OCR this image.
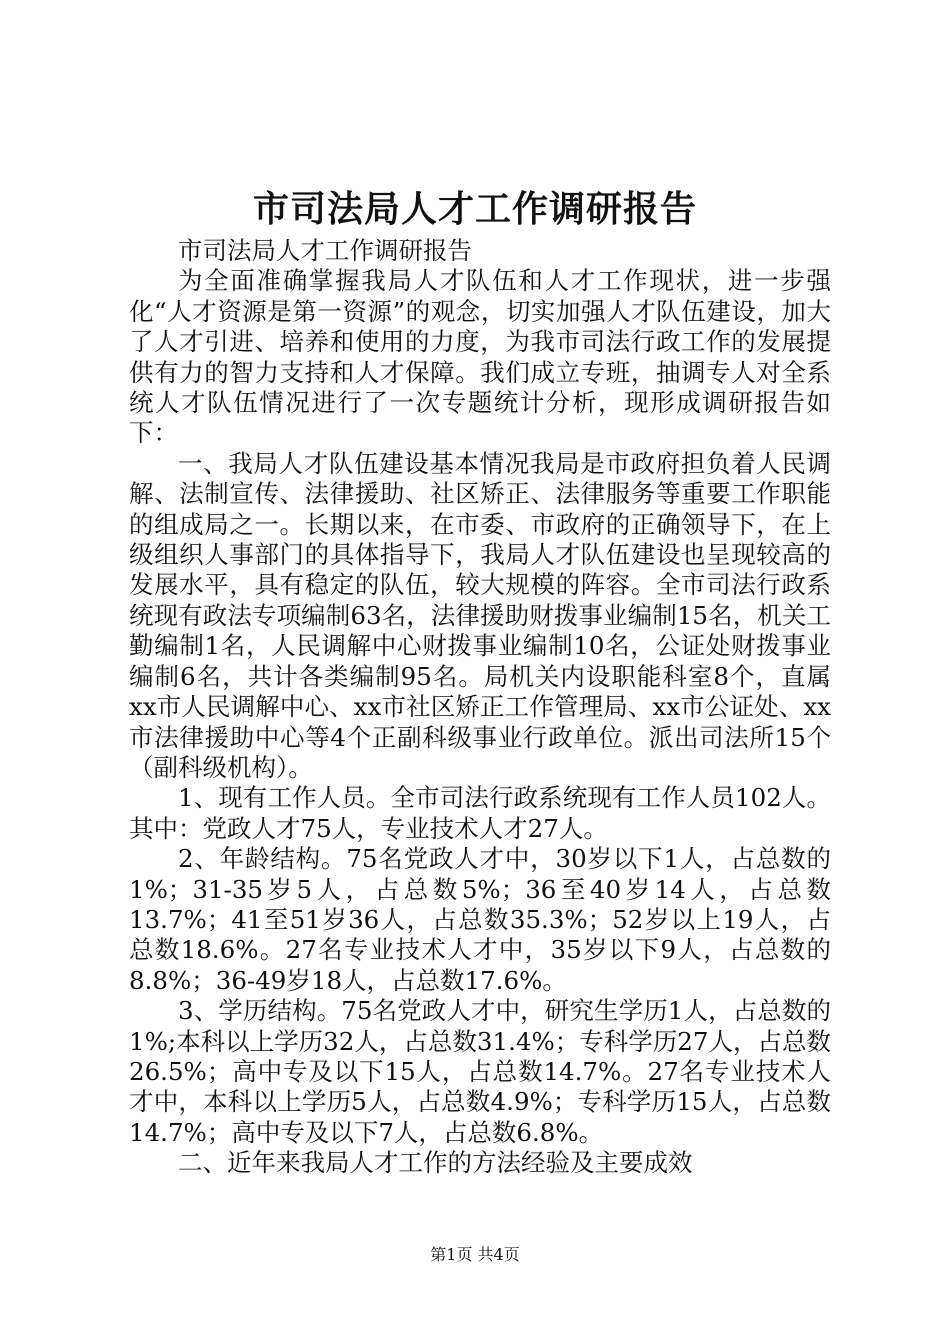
市司法局人才工作调研报告

市司法局人才工作调研报告

为全面准确掌握我局人才队伍和人才工作现状，进一步强化“人才资源是第一资源”的观念，切实加强人才队伍建设，加大了人才引进、培养和使用的力度，为我市司法行政工作的发展提供有力的智力支持和人才保障。我们成立专班，抽调专人对全系统人才队伍情况进行了一次专题统计分析，现形成调研报告如下：

一、我局人才队伍建设基本情况我局是市政府担负着人民调解、法制宣传、法律援助、社区矫正、法律服务等重要工作职能的组成局之一。长期以来，在市委、市政府的正确领导下，在上级组织人事部门的具体指导下，我局人才队伍建设也呈现较高的发展水平，具有稳定的队伍，较大规模的阵容。全市司法行政系统现有政法专项编制63名，法律援助财拨事业编制15名，机关工勤编制1名，人民调解中心财拨事业编制10名，公证处财拨事业编制6名，共计各类编制95名。局机关内设职能科室8个，直属xx市人民调解中心、xx市社区矫正工作管理局、xx市公证处、xx市法律援助中心等4个正副科级事业行政单位。派出司法所15个（副科级机构）。

1、现有工作人员。全市司法行政系统现有工作人员102人。其中：党政人才75人，专业技术人才27人。

2、年龄结构。75名党政人才中，30岁以下1人，占总数的1%；31-35岁5人，占总数5%；36至40岁14人，占总数13.7%；41至51岁36人，占总数35.3%；52岁以上19人，占总数18.6%。27名专业技术人才中，35岁以下9人，占总数的8.8%；36-49岁18人，占总数17.6%。

3、学历结构。75名党政人才中，研究生学历1人，占总数的1%;本科以上学历32人，占总数31.4%；专科学历27人，占总数26.5%；高中专及以下15人，占总数14.7%。27名专业技术人才中，本科以上学历5人，占总数4.9%；专科学历15人，占总数14.7%；高中专及以下7人，占总数6.8%。

二、近年来我局人才工作的方法经验及主要成效

第1页 共4页
